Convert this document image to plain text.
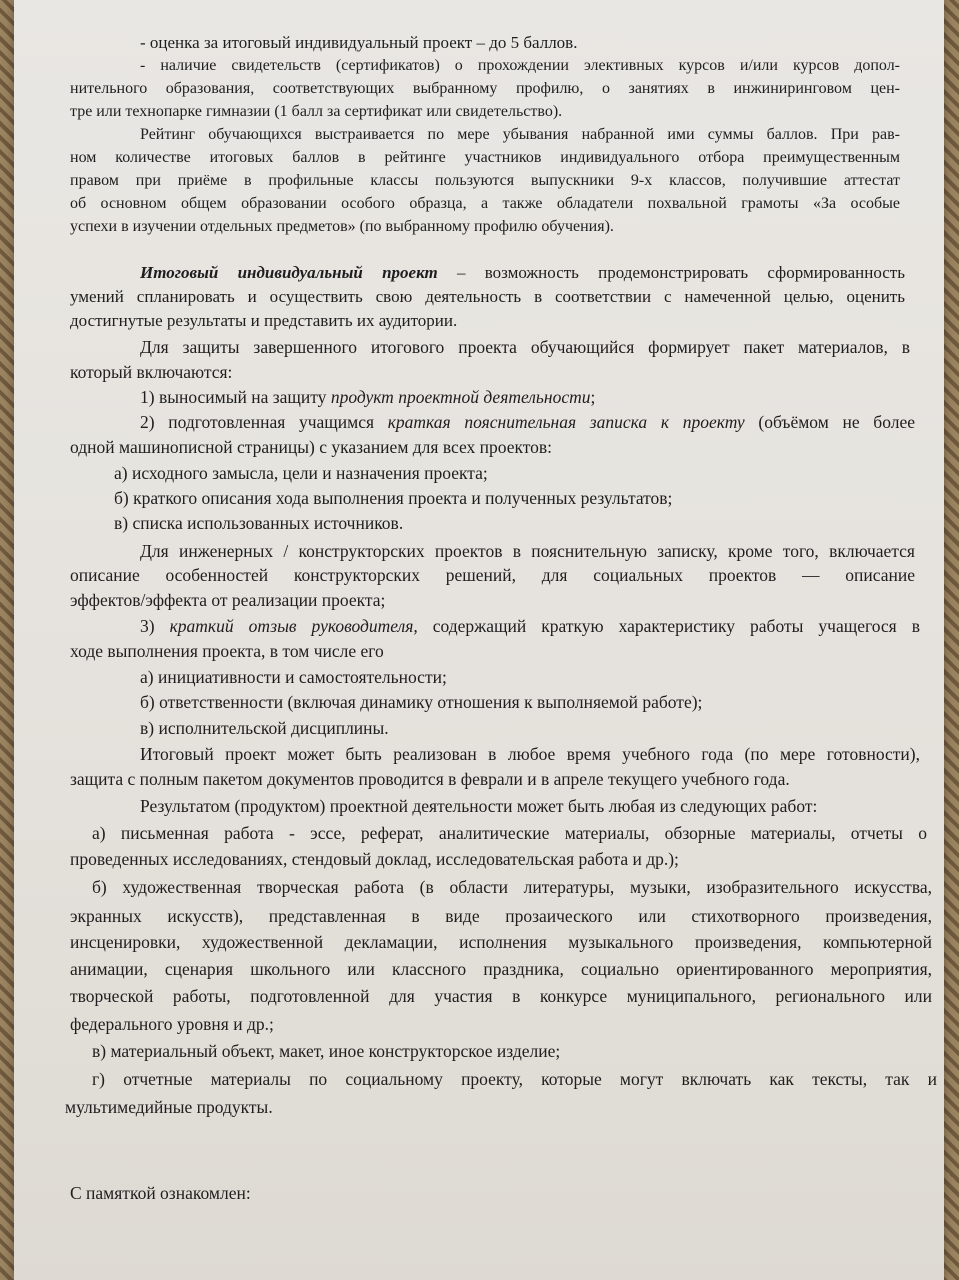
- оценка за итоговый индивидуальный проект – до 5 баллов.
- наличие свидетельств (сертификатов) о прохождении элективных курсов и/или курсов допол-
нительного образования, соответствующих выбранному профилю, о занятиях в инжиниринговом цен-
тре или технопарке гимназии (1 балл за сертификат или свидетельство).
Рейтинг обучающихся выстраивается по мере убывания набранной ими суммы баллов. При рав-
ном количестве итоговых баллов в рейтинге участников индивидуального отбора преимущественным
правом при приёме в профильные классы пользуются выпускники 9-х классов, получившие аттестат
об основном общем образовании особого образца, а также обладатели похвальной грамоты «За особые
успехи в изучении отдельных предметов» (по выбранному профилю обучения).
Итоговый индивидуальный проект – возможность продемонстрировать сформированность
умений спланировать и осуществить свою деятельность в соответствии с намеченной целью, оценить
достигнутые результаты и представить их аудитории.
Для защиты завершенного итогового проекта обучающийся формирует пакет материалов, в
который включаются:
1) выносимый на защиту продукт проектной деятельности;
2) подготовленная учащимся краткая пояснительная записка к проекту (объёмом не более
одной машинописной страницы) с указанием для всех проектов:
а) исходного замысла, цели и назначения проекта;
б) краткого описания хода выполнения проекта и полученных результатов;
в) списка использованных источников.
Для инженерных / конструкторских проектов в пояснительную записку, кроме того, включается
описание особенностей конструкторских решений, для социальных проектов — описание
эффектов/эффекта от реализации проекта;
3) краткий отзыв руководителя, содержащий краткую характеристику работы учащегося в
ходе выполнения проекта, в том числе его
а) инициативности и самостоятельности;
б) ответственности (включая динамику отношения к выполняемой работе);
в) исполнительской дисциплины.
Итоговый проект может быть реализован в любое время учебного года (по мере готовности),
защита с полным пакетом документов проводится в феврали и в апреле текущего учебного года.
Результатом (продуктом) проектной деятельности может быть любая из следующих работ:
а) письменная работа - эссе, реферат, аналитические материалы, обзорные материалы, отчеты о
проведенных исследованиях, стендовый доклад, исследовательская работа и др.);
б) художественная творческая работа (в области литературы, музыки, изобразительного искусства,
экранных искусств), представленная в виде прозаического или стихотворного произведения,
инсценировки, художественной декламации, исполнения музыкального произведения, компьютерной
анимации, сценария школьного или классного праздника, социально ориентированного мероприятия,
творческой работы, подготовленной для участия в конкурсе муниципального, регионального или
федерального уровня и др.;
в) материальный объект, макет, иное конструкторское изделие;
г) отчетные материалы по социальному проекту, которые могут включать как тексты, так и
мультимедийные продукты.
С памяткой ознакомлен:
